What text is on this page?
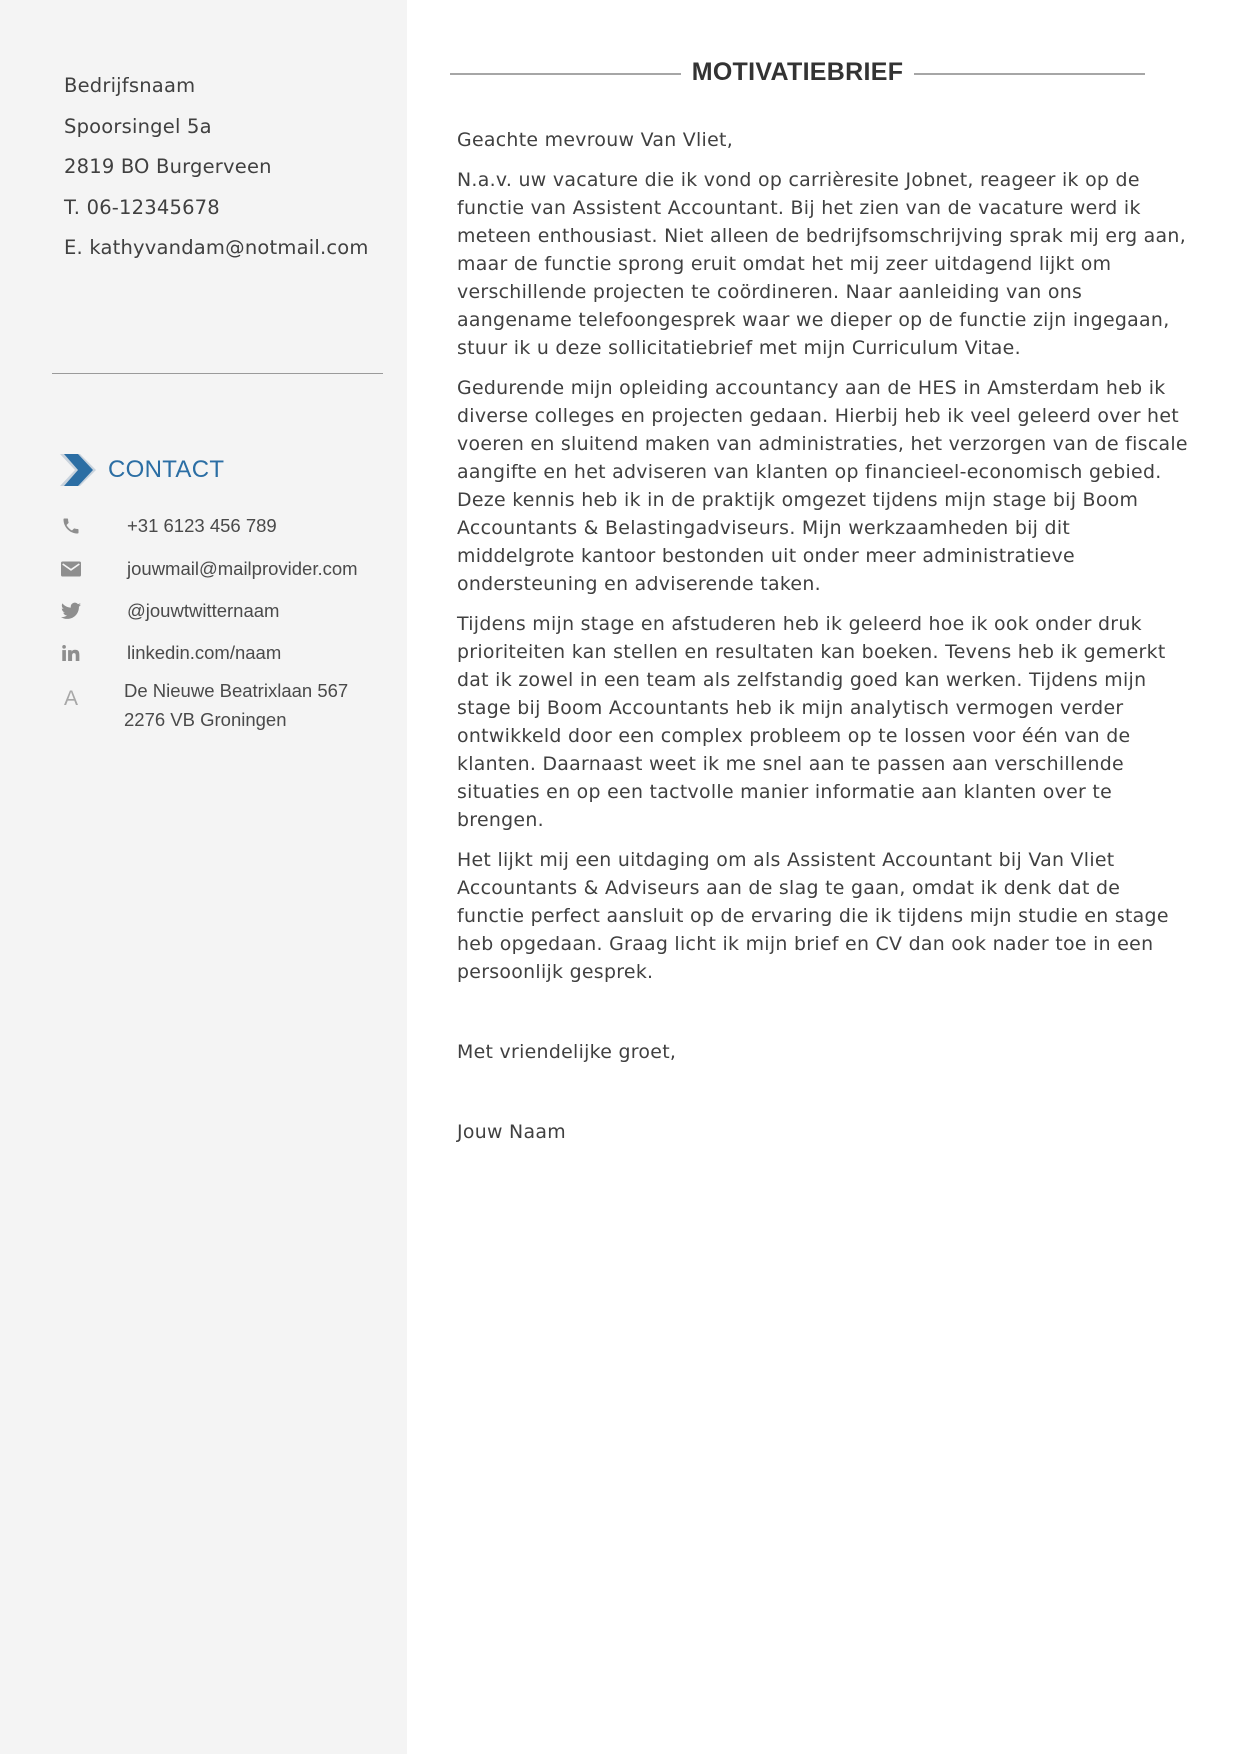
Bedrijfsnaam
Spoorsingel 5a
2819 BO Burgerveen
T. 06-12345678
E. kathyvandam@notmail.com
CONTACT
+31 6123 456 789
jouwmail@mailprovider.com
@jouwtwitternaam
linkedin.com/naam
A	De Nieuwe Beatrixlaan 567
2276 VB Groningen
MOTIVATIEBRIEF

Geachte mevrouw Van Vliet,

N.a.v. uw vacature die ik vond op carrièresite Jobnet, reageer ik op de functie van Assistent Accountant. Bij het zien van de vacature werd ik meteen enthousiast. Niet alleen de bedrijfsomschrijving sprak mij erg aan, maar de functie sprong eruit omdat het mij zeer uitdagend lijkt om verschillende projecten te coördineren. Naar aanleiding van ons aangename telefoongesprek waar we dieper op de functie zijn ingegaan, stuur ik u deze sollicitatiebrief met mijn Curriculum Vitae.

Gedurende mijn opleiding accountancy aan de HES in Amsterdam heb ik diverse colleges en projecten gedaan. Hierbij heb ik veel geleerd over het voeren en sluitend maken van administraties, het verzorgen van de fiscale aangifte en het adviseren van klanten op financieel-economisch gebied. Deze kennis heb ik in de praktijk omgezet tijdens mijn stage bij Boom Accountants & Belastingadviseurs. Mijn werkzaamheden bij dit middelgrote kantoor bestonden uit onder meer administratieve ondersteuning en adviserende taken.

Tijdens mijn stage en afstuderen heb ik geleerd hoe ik ook onder druk prioriteiten kan stellen en resultaten kan boeken. Tevens heb ik gemerkt dat ik zowel in een team als zelfstandig goed kan werken. Tijdens mijn stage bij Boom Accountants heb ik mijn analytisch vermogen verder ontwikkeld door een complex probleem op te lossen voor één van de klanten. Daarnaast weet ik me snel aan te passen aan verschillende situaties en op een tactvolle manier informatie aan klanten over te brengen.

Het lijkt mij een uitdaging om als Assistent Accountant bij Van Vliet Accountants & Adviseurs aan de slag te gaan, omdat ik denk dat de functie perfect aansluit op de ervaring die ik tijdens mijn studie en stage heb opgedaan. Graag licht ik mijn brief en CV dan ook nader toe in een persoonlijk gesprek.

Met vriendelijke groet,

Jouw Naam
